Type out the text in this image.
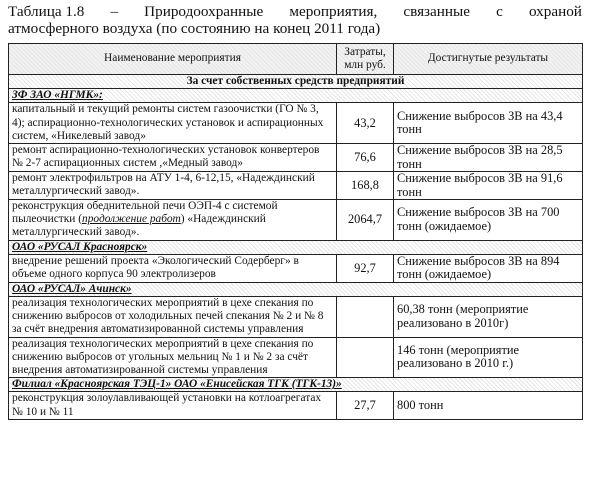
Таблица 1.8 – Природоохранные мероприятия, связанные с охраной
атмосферного воздуха (по состоянию на конец 2011 года)
Наименование мероприятия	Затраты, млн руб.	Достигнутые результаты
За счет собственных средств предприятий		
ЗФ ЗАО «НГМК»:		
капитальный и текущий ремонты систем газоочистки (ГО № 3, 4); аспирационно-технологических установок и аспирационных систем, «Никелевый завод»	43,2	Снижение выбросов ЗВ на 43,4 тонн
ремонт аспирационно-технологических установок конвертеров № 2-7 аспирационных систем ,«Медный завод»	76,6	Снижение выбросов ЗВ на 28,5 тонн
ремонт электрофильтров на АТУ 1-4, 6-12,15, «Надеждинский металлургический завод».	168,8	Снижение выбросов ЗВ на 91,6 тонн
реконструкция обеднительной печи ОЭП-4 с системой пылеочистки (продолжение работ) «Надеждинский металлургический завод».	2064,7	Снижение выбросов ЗВ на 700 тонн (ожидаемое)
ОАО «РУСАЛ Красноярск»		
внедрение решений проекта «Экологический Содерберг» в объеме одного корпуса 90 электролизеров	92,7	Снижение выбросов ЗВ на 894 тонн (ожидаемое)
ОАО «РУСАЛ» Ачинск»		
реализация технологических мероприятий в цехе спекания по снижению выбросов от холодильных печей спекания № 2 и № 8 за счёт внедрения автоматизированной системы управления		60,38 тонн (мероприятие реализовано в 2010г)
реализация технологических мероприятий в цехе спекания по снижению выбросов от угольных мельниц № 1 и № 2 за счёт внедрения автоматизированной системы управления		146 тонн (мероприятие реализовано в 2010 г.)
Филиал «Красноярская ТЭЦ-1» ОАО «Енисейская ТГК (ТГК-13)»		
реконструкция золоулавливающей установки на котлоагрегатах № 10 и № 11	27,7	800 тонн
